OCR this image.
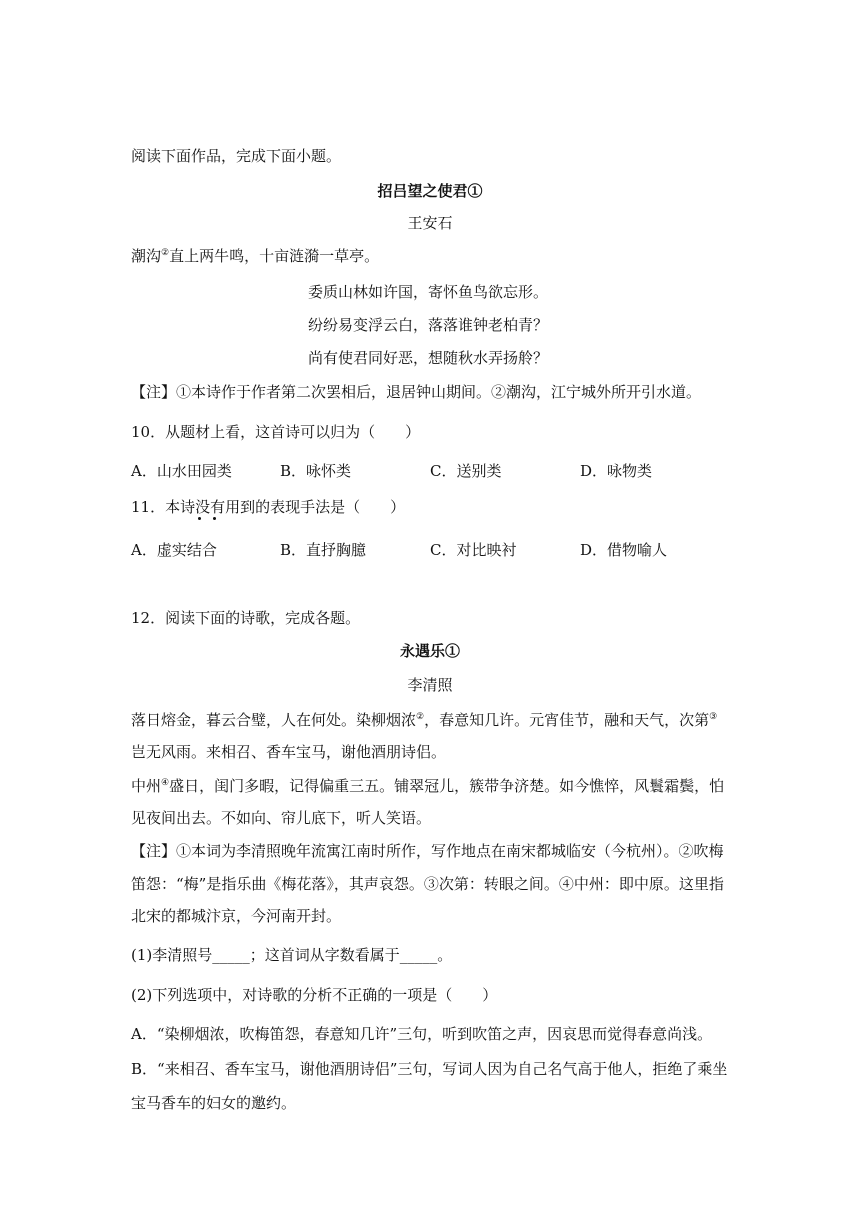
阅读下面作品，完成下面小题。
招吕望之使君①
王安石
潮沟②直上两牛鸣，十亩涟漪一草亭。
委质山林如许国，寄怀鱼鸟欲忘形。
纷纷易变浮云白，落落谁钟老柏青？
尚有使君同好恶，想随秋水弄扬舲？
【注】①本诗作于作者第二次罢相后，退居钟山期间。②潮沟，江宁城外所开引水道。
10．从题材上看，这首诗可以归为（　　）
A．山水田园类	B．咏怀类	C．送别类	D．咏物类
11．本诗没有用到的表现手法是（　　）
A．虚实结合	B．直抒胸臆	C．对比映衬	D．借物喻人
12．阅读下面的诗歌，完成各题。
永遇乐①
李清照
落日熔金，暮云合璧，人在何处。染柳烟浓②，春意知几许。元宵佳节，融和天气，次第③
岂无风雨。来相召、香车宝马，谢他酒朋诗侣。
中州④盛日，闺门多暇，记得偏重三五。铺翠冠儿，簇带争济楚。如今憔悴，风鬟霜鬓，怕
见夜间出去。不如向、帘儿底下，听人笑语。
【注】①本词为李清照晚年流寓江南时所作，写作地点在南宋都城临安（今杭州）。②吹梅
笛怨：“梅”是指乐曲《梅花落》，其声哀怨。③次第：转眼之间。④中州：即中原。这里指
北宋的都城汴京，今河南开封。
(1)李清照号_____；这首词从字数看属于_____。
(2)下列选项中，对诗歌的分析不正确的一项是（　　）
A．“染柳烟浓，吹梅笛怨，春意知几许”三句，听到吹笛之声，因哀思而觉得春意尚浅。
B．“来相召、香车宝马，谢他酒朋诗侣”三句，写词人因为自己名气高于他人，拒绝了乘坐
宝马香车的妇女的邀约。
